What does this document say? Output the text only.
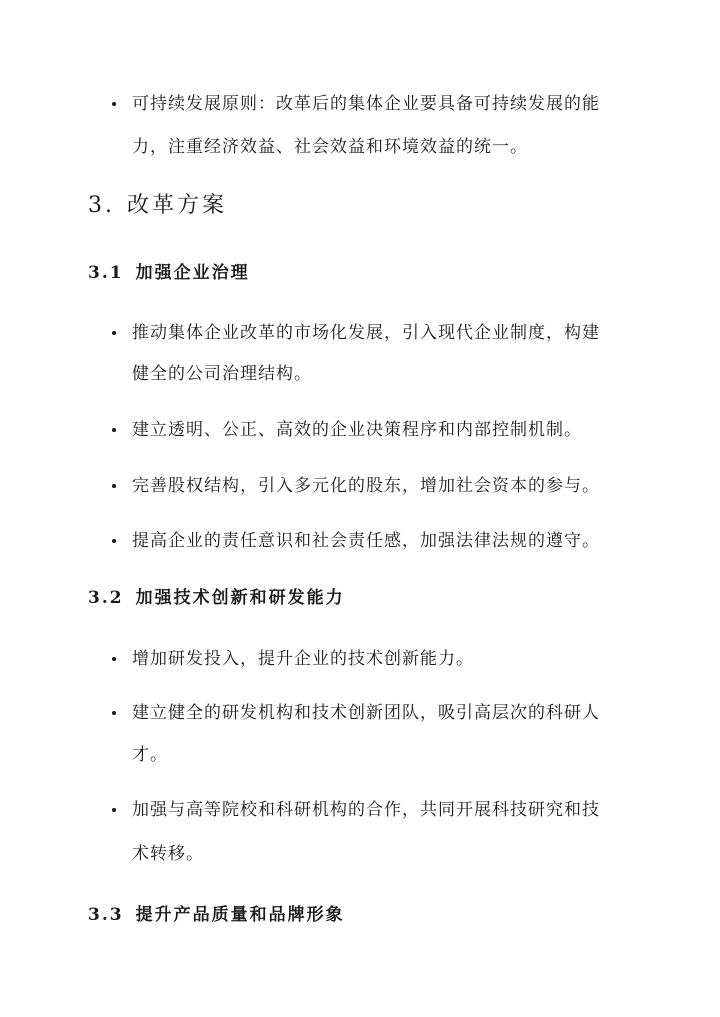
可持续发展原则：改革后的集体企业要具备可持续发展的能
力，注重经济效益、社会效益和环境效益的统一。
3. 改革方案
3.1 加强企业治理
推动集体企业改革的市场化发展，引入现代企业制度，构建
健全的公司治理结构。
建立透明、公正、高效的企业决策程序和内部控制机制。
完善股权结构，引入多元化的股东，增加社会资本的参与。
提高企业的责任意识和社会责任感，加强法律法规的遵守。
3.2 加强技术创新和研发能力
增加研发投入，提升企业的技术创新能力。
建立健全的研发机构和技术创新团队，吸引高层次的科研人
才。
加强与高等院校和科研机构的合作，共同开展科技研究和技
术转移。
3.3 提升产品质量和品牌形象
